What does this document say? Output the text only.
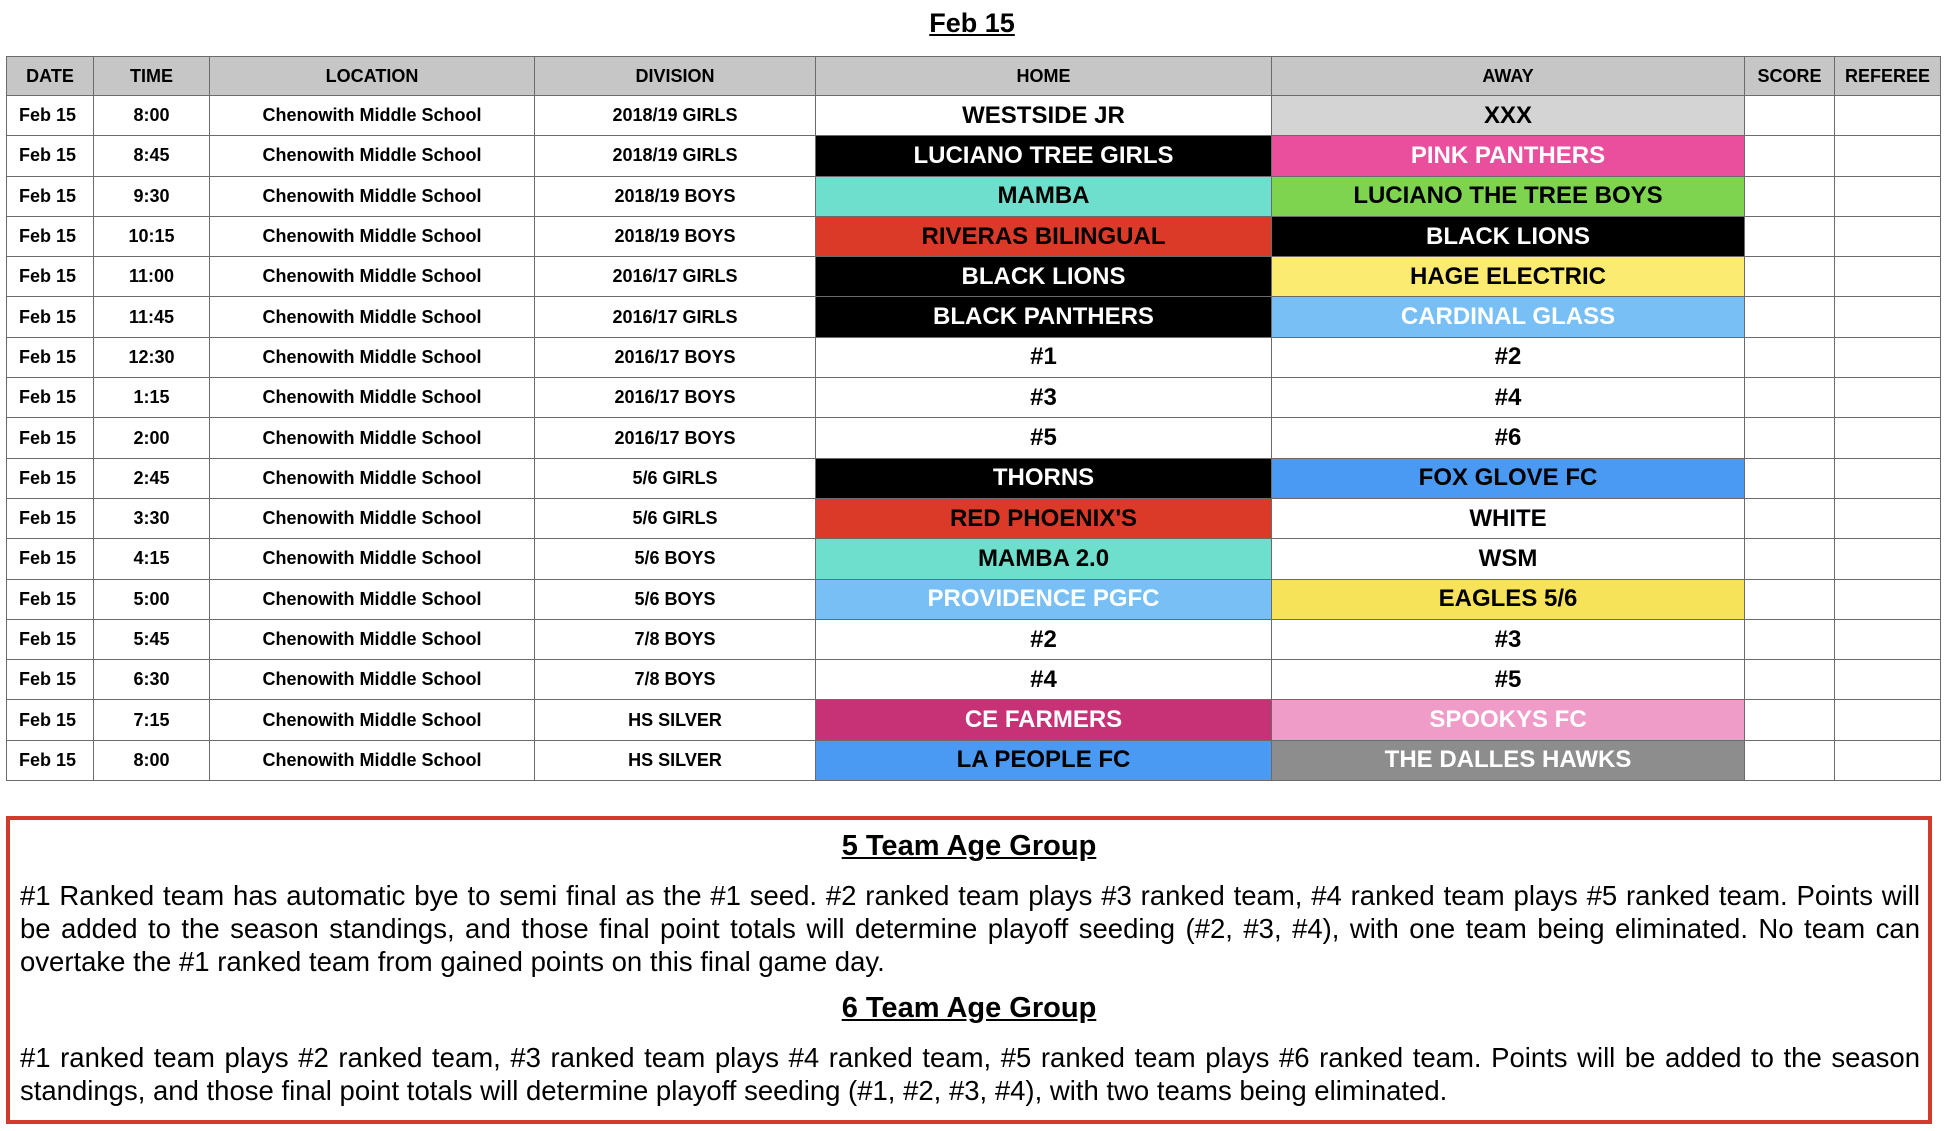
Feb 15
DATE	TIME	LOCATION	DIVISION	HOME	AWAY	SCORE	REFEREE
Feb 15	8:00	Chenowith Middle School	2018/19 GIRLS	WESTSIDE JR	XXX		
Feb 15	8:45	Chenowith Middle School	2018/19 GIRLS	LUCIANO TREE GIRLS	PINK PANTHERS		
Feb 15	9:30	Chenowith Middle School	2018/19 BOYS	MAMBA	LUCIANO THE TREE BOYS		
Feb 15	10:15	Chenowith Middle School	2018/19 BOYS	RIVERAS BILINGUAL	BLACK LIONS		
Feb 15	11:00	Chenowith Middle School	2016/17 GIRLS	BLACK LIONS	HAGE ELECTRIC		
Feb 15	11:45	Chenowith Middle School	2016/17 GIRLS	BLACK PANTHERS	CARDINAL GLASS		
Feb 15	12:30	Chenowith Middle School	2016/17 BOYS	#1	#2		
Feb 15	1:15	Chenowith Middle School	2016/17 BOYS	#3	#4		
Feb 15	2:00	Chenowith Middle School	2016/17 BOYS	#5	#6		
Feb 15	2:45	Chenowith Middle School	5/6 GIRLS	THORNS	FOX GLOVE FC		
Feb 15	3:30	Chenowith Middle School	5/6 GIRLS	RED PHOENIX'S	WHITE		
Feb 15	4:15	Chenowith Middle School	5/6 BOYS	MAMBA 2.0	WSM		
Feb 15	5:00	Chenowith Middle School	5/6 BOYS	PROVIDENCE PGFC	EAGLES 5/6		
Feb 15	5:45	Chenowith Middle School	7/8 BOYS	#2	#3		
Feb 15	6:30	Chenowith Middle School	7/8 BOYS	#4	#5		
Feb 15	7:15	Chenowith Middle School	HS SILVER	CE FARMERS	SPOOKYS FC		
Feb 15	8:00	Chenowith Middle School	HS SILVER	LA PEOPLE FC	THE DALLES HAWKS		

5 Team Age Group

#1 Ranked team has automatic bye to semi final as the #1 seed. #2 ranked team plays #3 ranked team, #4 ranked team plays #5 ranked team. Points will be added to the season standings, and those final point totals will determine playoff seeding (#2, #3, #4), with one team being eliminated. No team can overtake the #1 ranked team from gained points on this final game day.

6 Team Age Group

#1 ranked team plays #2 ranked team, #3 ranked team plays #4 ranked team, #5 ranked team plays #6 ranked team. Points will be added to the season standings, and those final point totals will determine playoff seeding (#1, #2, #3, #4), with two teams being eliminated.
